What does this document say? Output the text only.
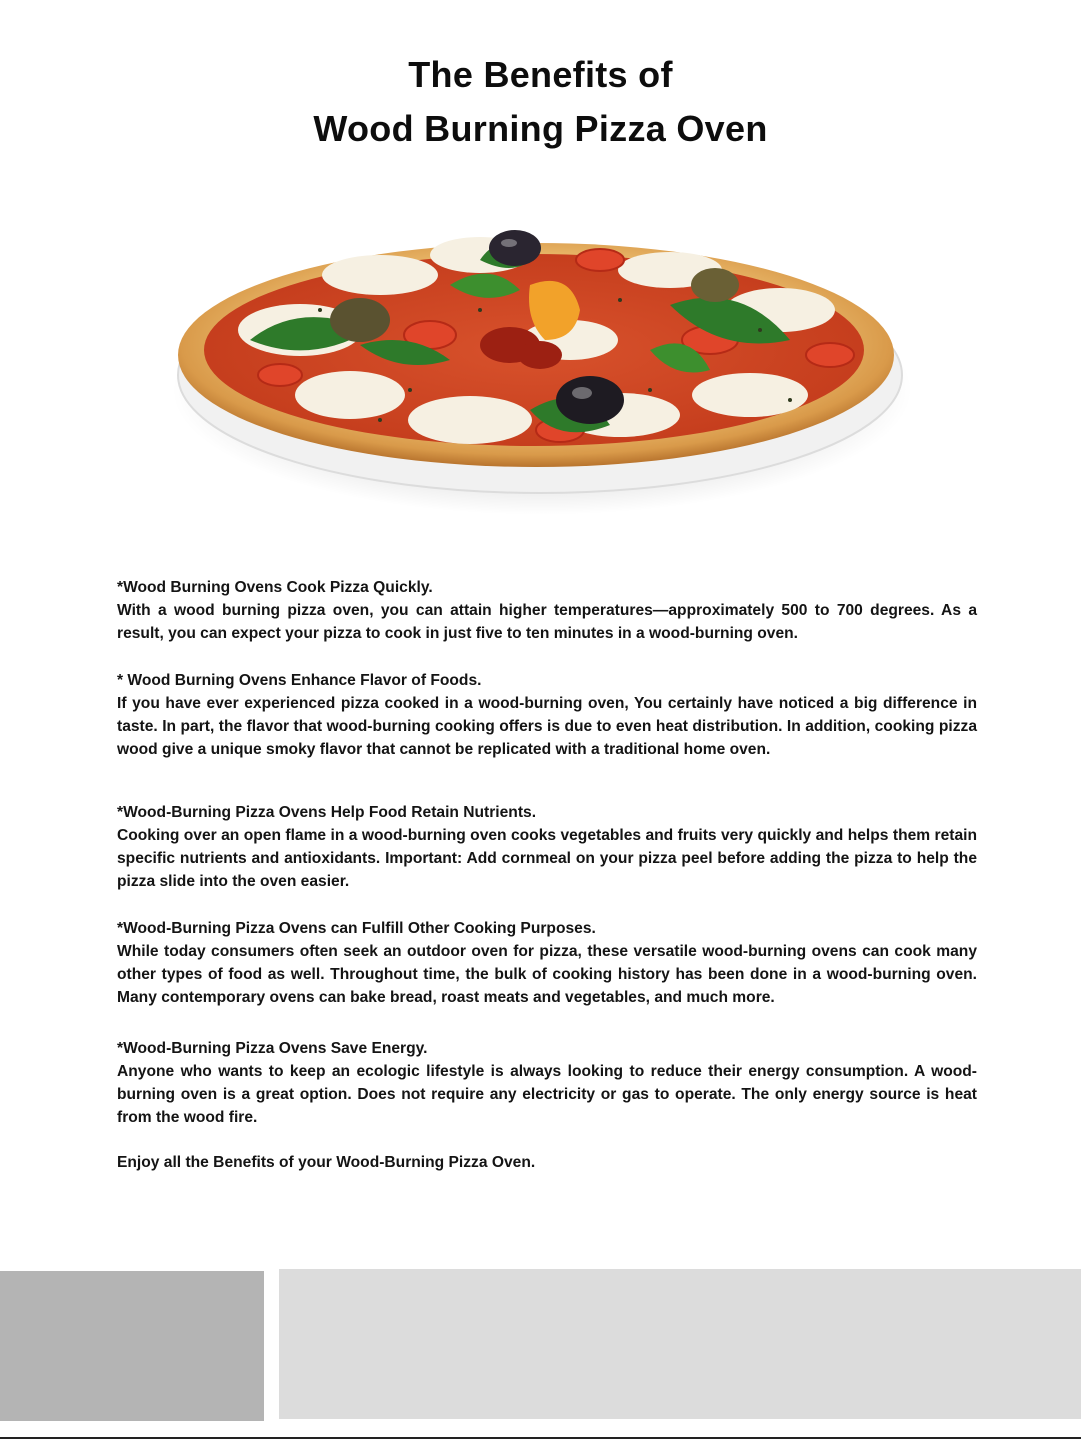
The Benefits of
Wood Burning Pizza Oven

*Wood Burning Ovens Cook Pizza Quickly.

With a wood burning pizza oven, you can attain higher temperatures—approximately 500 to 700 degrees. As a result, you can expect your pizza to cook in just five to ten minutes in a wood-burning oven.

* Wood Burning Ovens Enhance Flavor of Foods.

If you have ever experienced pizza cooked in a wood-burning oven, You certainly have noticed a big difference in taste. In part, the flavor that wood-burning cooking offers is due to even heat distribution. In addition, cooking pizza wood give a unique smoky flavor that cannot be replicated with a traditional home oven.

*Wood-Burning Pizza Ovens Help Food Retain Nutrients.

Cooking over an open flame in a wood-burning oven cooks vegetables and fruits very quickly and helps them retain specific nutrients and antioxidants. Important: Add cornmeal on your pizza peel before adding the pizza to help the pizza slide into the oven easier.

*Wood-Burning Pizza Ovens can Fulfill Other Cooking Purposes.

While today consumers often seek an outdoor oven for pizza, these versatile wood-burning ovens can cook many other types of food as well. Throughout time, the bulk of cooking history has been done in a wood-burning oven. Many contemporary ovens can bake bread, roast meats and vegetables, and much more.

*Wood-Burning Pizza Ovens Save Energy.

Anyone who wants to keep an ecologic lifestyle is always looking to reduce their energy consumption. A wood-burning oven is a great option. Does not require any electricity or gas to operate. The only energy source is heat from the wood fire.

Enjoy all the Benefits of your Wood-Burning Pizza Oven.
